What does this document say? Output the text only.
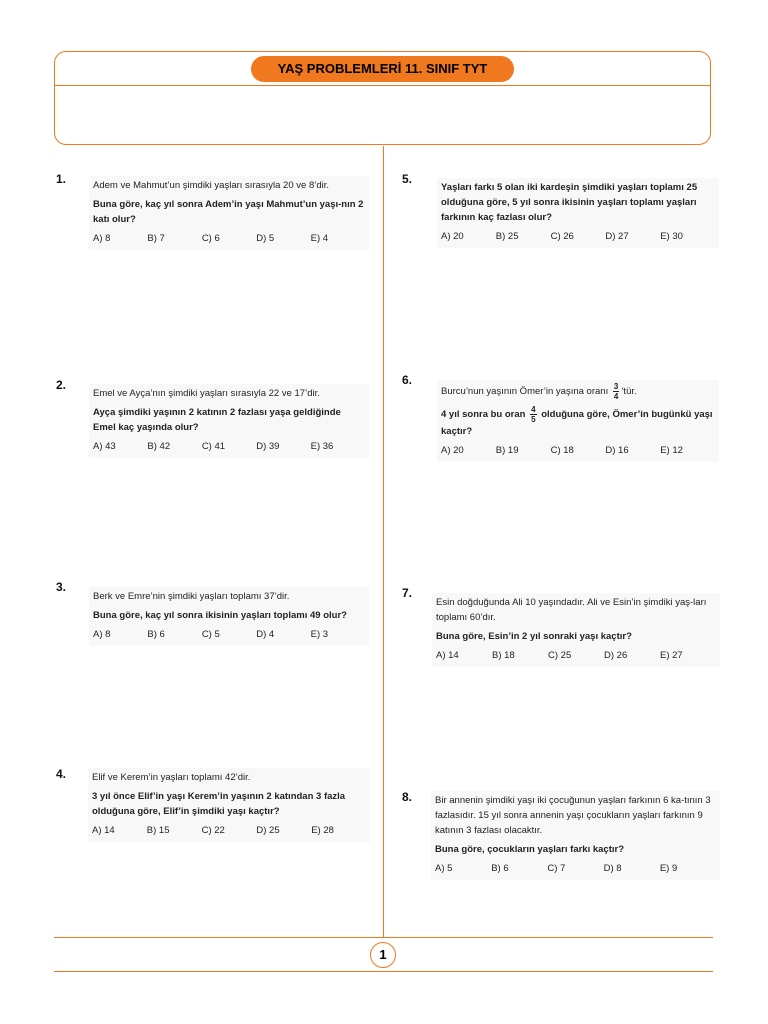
YAŞ PROBLEMLERİ 11. SINIF TYT
1
1.	Adem ve Mahmut’un şimdiki yaşları sırasıyla 20 ve 8’dir.

Buna göre, kaç yıl sonra Adem’in yaşı Mahmut’un yaşı-nın 2 katı olur?

A) 8	B) 7	C) 6	D) 5	E) 4
2.

Emel ve Ayça’nın şimdiki yaşları sırasıyla 22 ve 17’dir.

Ayça şimdiki yaşının 2 katının 2 fazlası yaşa geldiğinde Emel kaç yaşında olur?

A) 43	B) 42	C) 41	D) 39	E) 36
3.

Berk ve Emre’nin şimdiki yaşları toplamı 37’dir.

Buna göre, kaç yıl sonra ikisinin yaşları toplamı 49 olur?

A) 8	B) 6	C) 5	D) 4	E) 3
4.	Elif ve Kerem’in yaşları toplamı 42’dir.

3 yıl önce Elif’in yaşı Kerem’in yaşının 2 katından 3 fazla olduğuna göre, Elif’in şimdiki yaşı kaçtır?

A) 14	B) 15	C) 22	D) 25	E) 28
5.

Yaşları farkı 5 olan iki kardeşin şimdiki yaşları toplamı 25 olduğuna göre, 5 yıl sonra ikisinin yaşları toplamı yaşları farkının kaç fazlası olur?

A) 20	B) 25	C) 26	D) 27	E) 30
6.

Burcu’nun yaşının Ömer’in yaşına oranı $\frac{3}{4}$ ’tür.

4 yıl sonra bu oran $\frac{4}{5}$ olduğuna göre, Ömer’in bugünkü yaşı kaçtır?

A) 20	B) 19	C) 18	D) 16	E) 12
7.

Esin doğduğunda Ali 10 yaşındadır. Ali ve Esin’in şimdiki yaş-ları toplamı 60’dır.

Buna göre, Esin’in 2 yıl sonraki yaşı kaçtır?

A) 14	B) 18	C) 25	D) 26	E) 27
8. Bir annenin şimdiki yaşı iki çocuğunun yaşları farkının 6 ka-tının 3 fazlasıdır. 15 yıl sonra annenin yaşı çocukların yaşları farkının 9 katının 3 fazlası olacaktır.

Buna göre, çocukların yaşları farkı kaçtır?

A) 5	B) 6	C) 7	D) 8	E) 9
